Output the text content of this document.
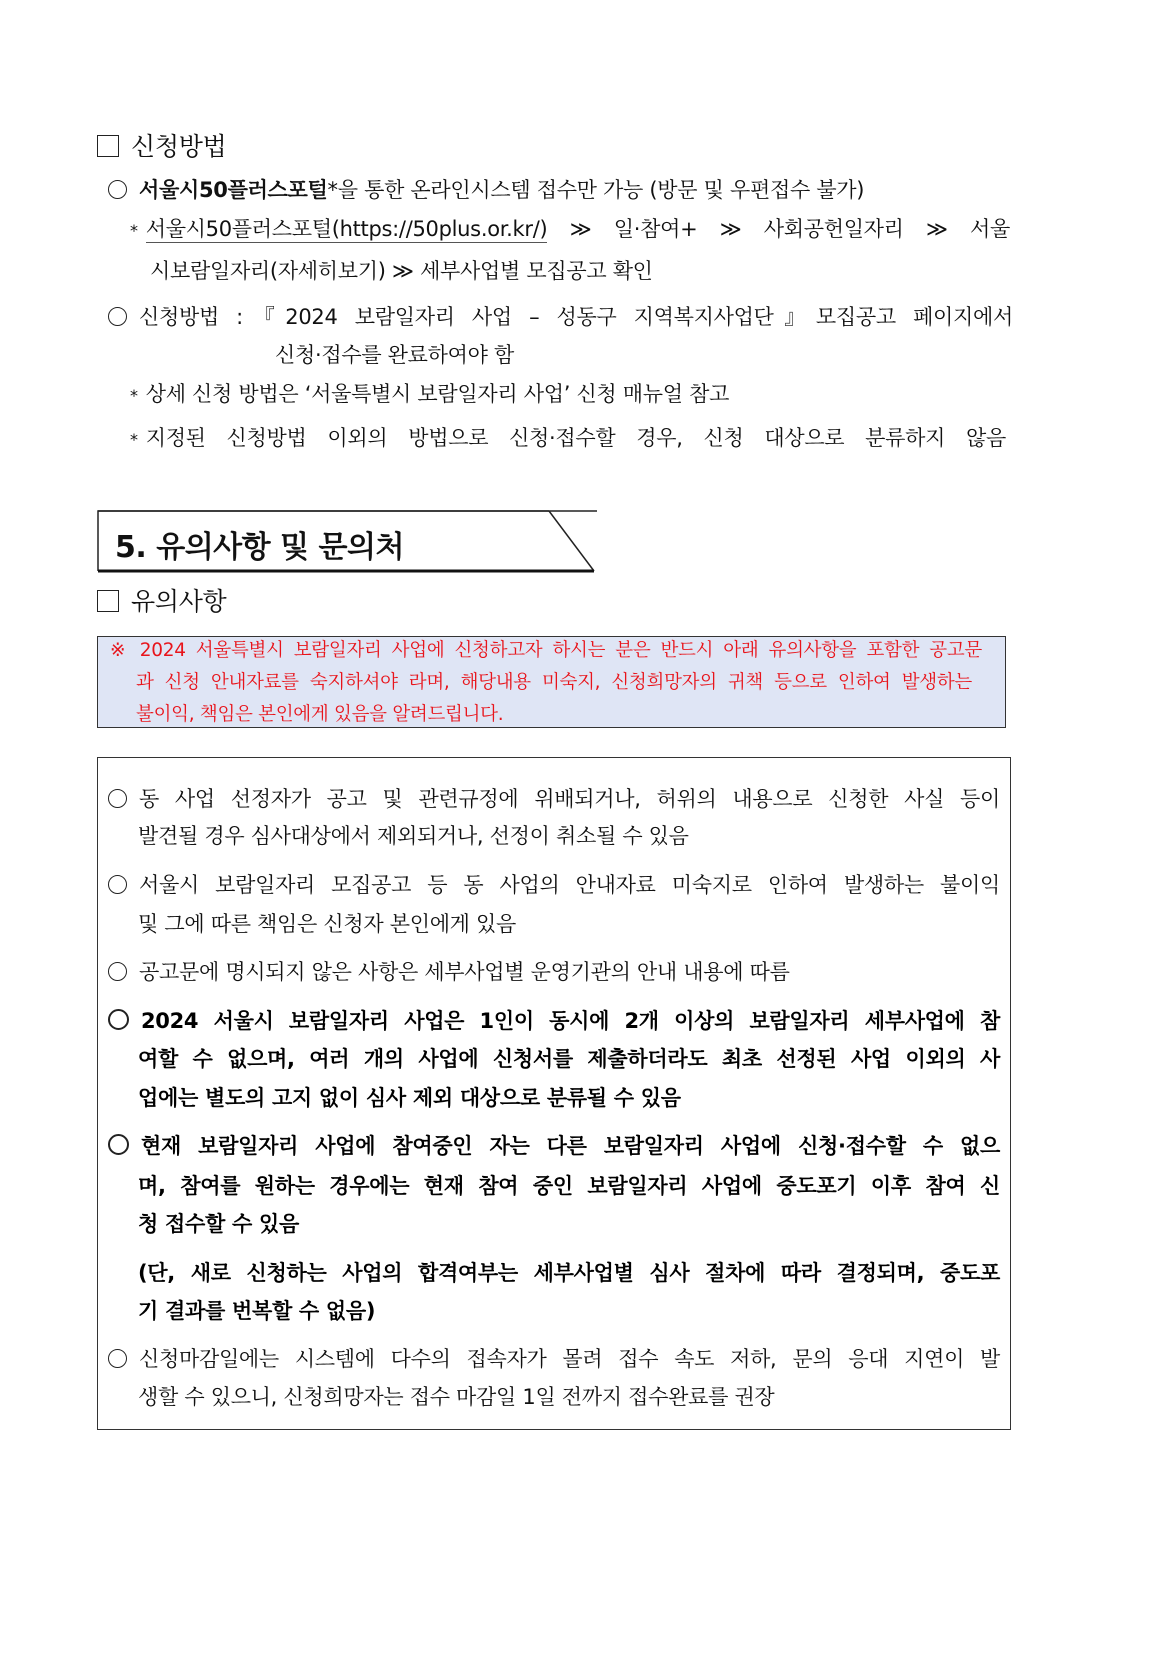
신청방법
서울시50플러스포털*을 통한 온라인시스템 접수만 가능 (방문 및 우편접수 불가)
* 서울시50플러스포털(https://50plus.or.kr/) ≫ 일·참여+ ≫ 사회공헌일자리 ≫ 서울
시보람일자리(자세히보기) ≫ 세부사업별 모집공고 확인
신청방법 :『2024 보람일자리 사업 – 성동구 지역복지사업단』모집공고 페이지에서
신청·접수를 완료하여야 함
* 상세 신청 방법은 ‘서울특별시 보람일자리 사업’ 신청 매뉴얼 참고
* 지정된 신청방법 이외의 방법으로 신청·접수할 경우, 신청 대상으로 분류하지 않음
5. 유의사항 및 문의처
유의사항
※ 2024 서울특별시 보람일자리 사업에 신청하고자 하시는 분은 반드시 아래 유의사항을 포함한 공고문
과 신청 안내자료를 숙지하셔야 라며, 해당내용 미숙지, 신청희망자의 귀책 등으로 인하여 발생하는
불이익, 책임은 본인에게 있음을 알려드립니다.
동 사업 선정자가 공고 및 관련규정에 위배되거나, 허위의 내용으로 신청한 사실 등이
발견될 경우 심사대상에서 제외되거나, 선정이 취소될 수 있음
서울시 보람일자리 모집공고 등 동 사업의 안내자료 미숙지로 인하여 발생하는 불이익
및 그에 따른 책임은 신청자 본인에게 있음
공고문에 명시되지 않은 사항은 세부사업별 운영기관의 안내 내용에 따름
2024 서울시 보람일자리 사업은 1인이 동시에 2개 이상의 보람일자리 세부사업에 참
여할 수 없으며, 여러 개의 사업에 신청서를 제출하더라도 최초 선정된 사업 이외의 사
업에는 별도의 고지 없이 심사 제외 대상으로 분류될 수 있음
현재 보람일자리 사업에 참여중인 자는 다른 보람일자리 사업에 신청·접수할 수 없으
며, 참여를 원하는 경우에는 현재 참여 중인 보람일자리 사업에 중도포기 이후 참여 신
청 접수할 수 있음
(단, 새로 신청하는 사업의 합격여부는 세부사업별 심사 절차에 따라 결정되며, 중도포
기 결과를 번복할 수 없음)
신청마감일에는 시스템에 다수의 접속자가 몰려 접수 속도 저하, 문의 응대 지연이 발
생할 수 있으니, 신청희망자는 접수 마감일 1일 전까지 접수완료를 권장
